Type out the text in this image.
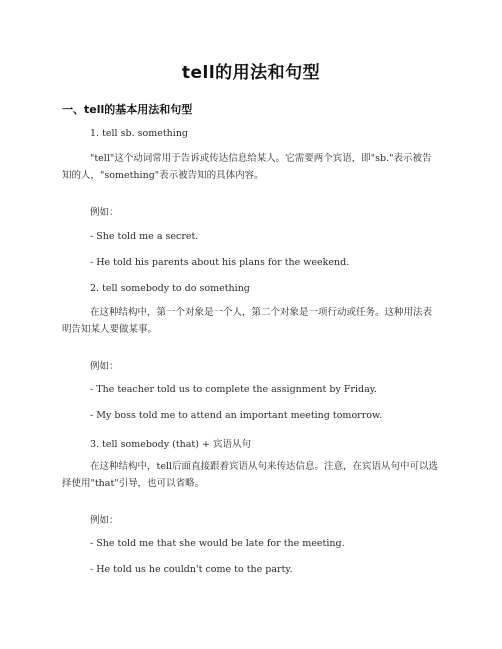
tell的用法和句型
一、tell的基本用法和句型
1. tell sb. something
"tell"这个动词常用于告诉或传达信息给某人。它需要两个宾语，即"sb."表示被告知的人，"something"表示被告知的具体内容。
例如：
- She told me a secret.
- He told his parents about his plans for the weekend.
2. tell somebody to do something
在这种结构中，第一个对象是一个人，第二个对象是一项行动或任务。这种用法表明告知某人要做某事。
例如：
- The teacher told us to complete the assignment by Friday.
- My boss told me to attend an important meeting tomorrow.
3. tell somebody (that) + 宾语从句
在这种结构中，tell后面直接跟着宾语从句来传达信息。注意，在宾语从句中可以选择使用"that"引导，也可以省略。
例如：
- She told me that she would be late for the meeting.
- He told us he couldn't come to the party.
